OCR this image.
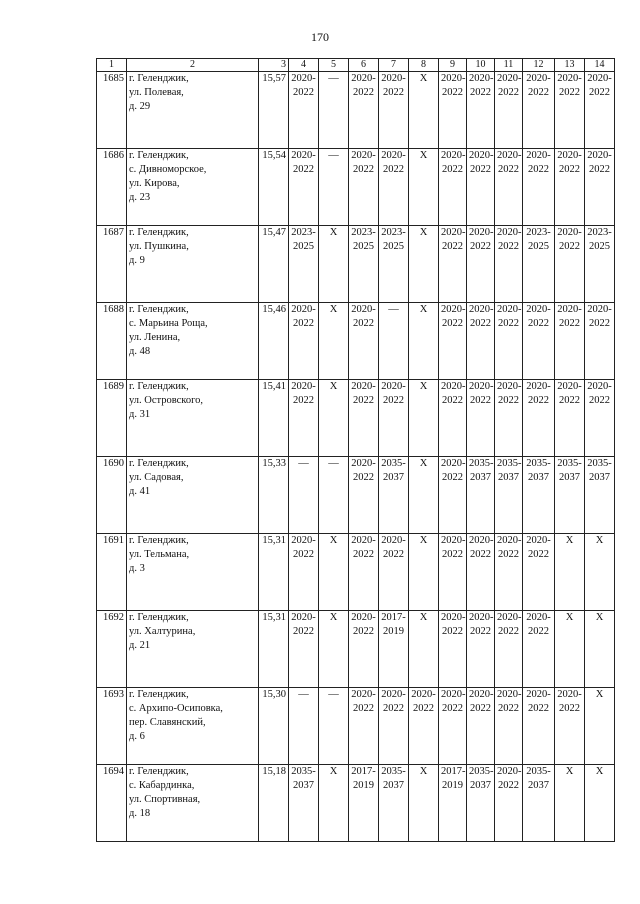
170
1	2	3	4	5	6	7	8	9	10	11	12	13	14

1685	г. Геленджик,
ул. Полевая,
д. 29	15,57	2020-
2022	—	2020-
2022	2020-
2022	X	2020-
2022	2020-
2022	2020-
2022	2020-
2022	2020-
2022	2020-
2022

1686	г. Геленджик,
с. Дивноморское,
ул. Кирова,
д. 23	15,54	2020-
2022	—	2020-
2022	2020-
2022	X	2020-
2022	2020-
2022	2020-
2022	2020-
2022	2020-
2022	2020-
2022

1687	г. Геленджик,
ул. Пушкина,
д. 9	15,47	2023-
2025	X	2023-
2025	2023-
2025	X	2020-
2022	2020-
2022	2020-
2022	2023-
2025	2020-
2022	2023-
2025

1688	г. Геленджик,
с. Марьина Роща,
ул. Ленина,
д. 48	15,46	2020-
2022	X	2020-
2022	—	X	2020-
2022	2020-
2022	2020-
2022	2020-
2022	2020-
2022	2020-
2022

1689	г. Геленджик,
ул. Островского,
д. 31	15,41	2020-
2022	X	2020-
2022	2020-
2022	X	2020-
2022	2020-
2022	2020-
2022	2020-
2022	2020-
2022	2020-
2022

1690	г. Геленджик,
ул. Садовая,
д. 41	15,33	—	—	2020-
2022	2035-
2037	X	2020-
2022	2035-
2037	2035-
2037	2035-
2037	2035-
2037	2035-
2037

1691	г. Геленджик,
ул. Тельмана,
д. 3	15,31	2020-
2022	X	2020-
2022	2020-
2022	X	2020-
2022	2020-
2022	2020-
2022	2020-
2022	X	X

1692	г. Геленджик,
ул. Халтурина,
д. 21	15,31	2020-
2022	X	2020-
2022	2017-
2019	X	2020-
2022	2020-
2022	2020-
2022	2020-
2022	X	X

1693	г. Геленджик,
с. Архипо-Осиповка,
пер. Славянский,
д. 6	15,30	—	—	2020-
2022	2020-
2022	2020-
2022	2020-
2022	2020-
2022	2020-
2022	2020-
2022	2020-
2022	X

1694	г. Геленджик,
с. Кабардинка,
ул. Спортивная,
д. 18	15,18	2035-
2037	X	2017-
2019	2035-
2037	X	2017-
2019	2035-
2037	2020-
2022	2035-
2037	X	X
